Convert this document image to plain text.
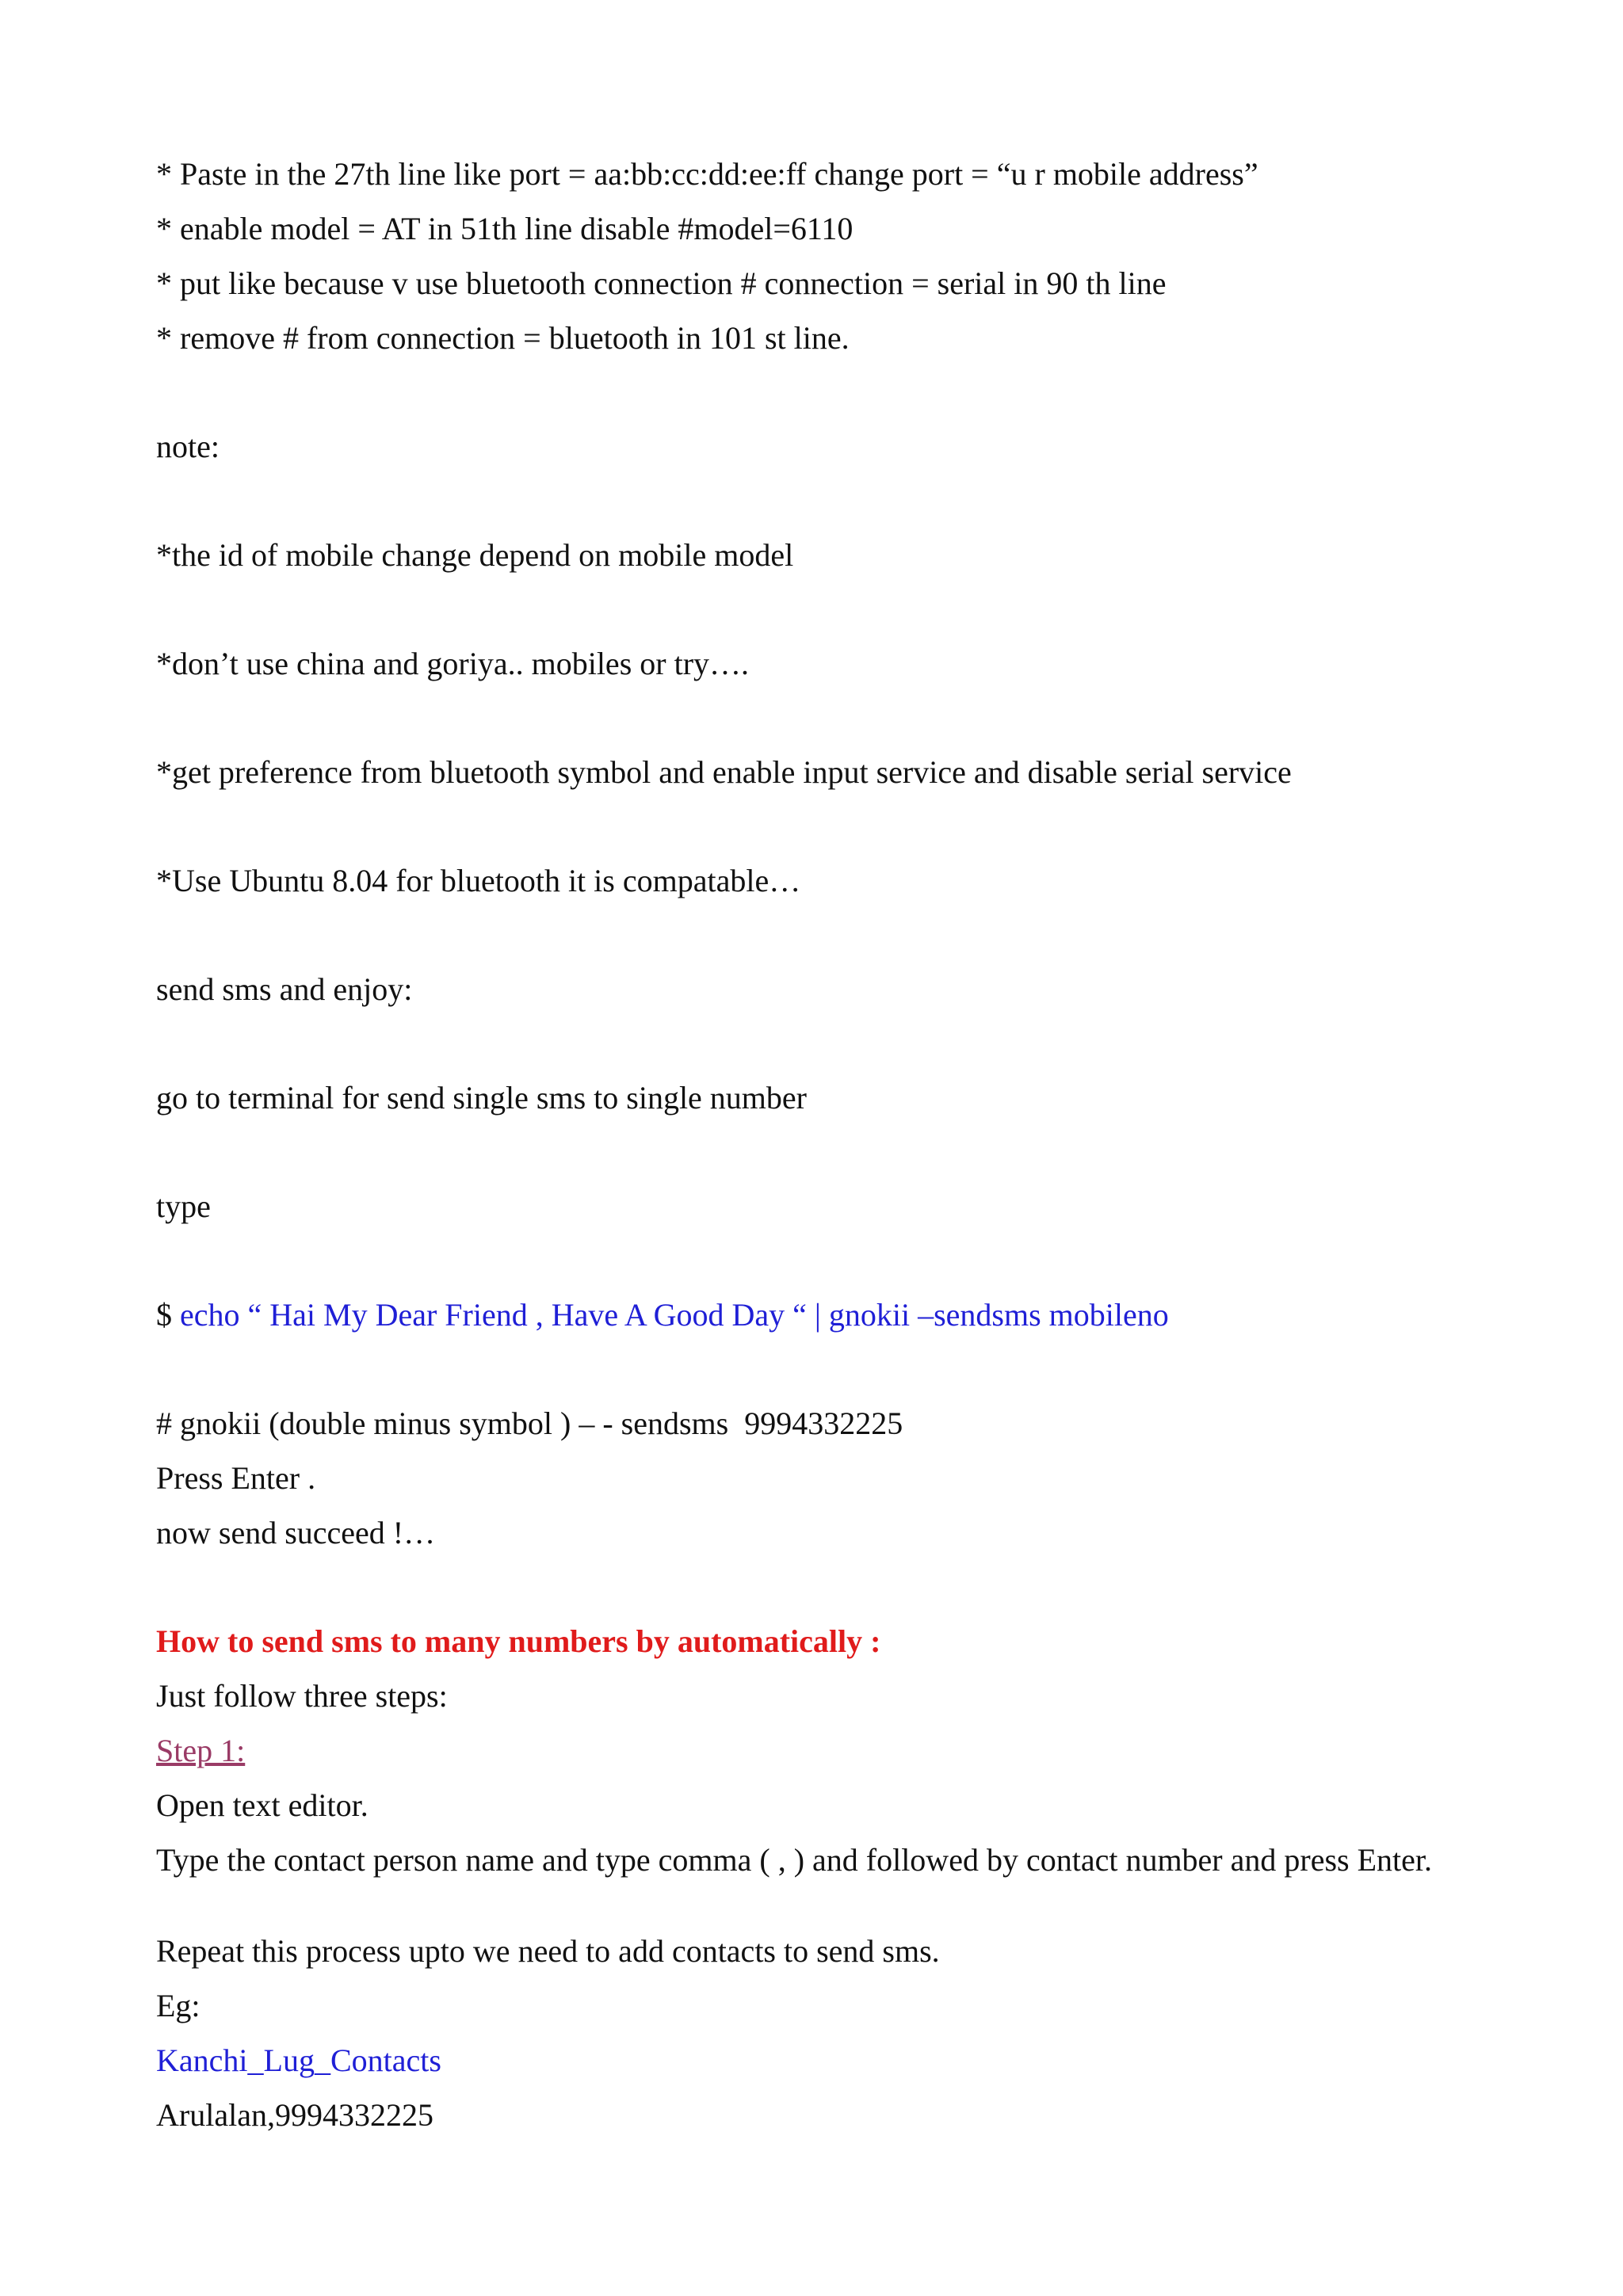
* Paste in the 27th line like port = aa:bb:cc:dd:ee:ff change port = “u r mobile address”
* enable model = AT in 51th line disable #model=6110
* put like because v use bluetooth connection # connection = serial in 90 th line
* remove # from connection = bluetooth in 101 st line.
note:
*the id of mobile change depend on mobile model
*don’t use china and goriya.. mobiles or try….
*get preference from bluetooth symbol and enable input service and disable serial service
*Use Ubuntu 8.04 for bluetooth it is compatable…
send sms and enjoy:
go to terminal for send single sms to single number
type
$ echo “ Hai My Dear Friend , Have A Good Day “ | gnokii –sendsms mobileno
# gnokii (double minus symbol ) – - sendsms  9994332225
Press Enter .
now send succeed !…
How to send sms to many numbers by automatically :
Just follow three steps:
Step 1:
Open text editor.
Type the contact person name and type comma ( , ) and followed by contact number and press Enter.
Repeat this process upto we need to add contacts to send sms.
Eg:
Kanchi_Lug_Contacts
Arulalan,9994332225
